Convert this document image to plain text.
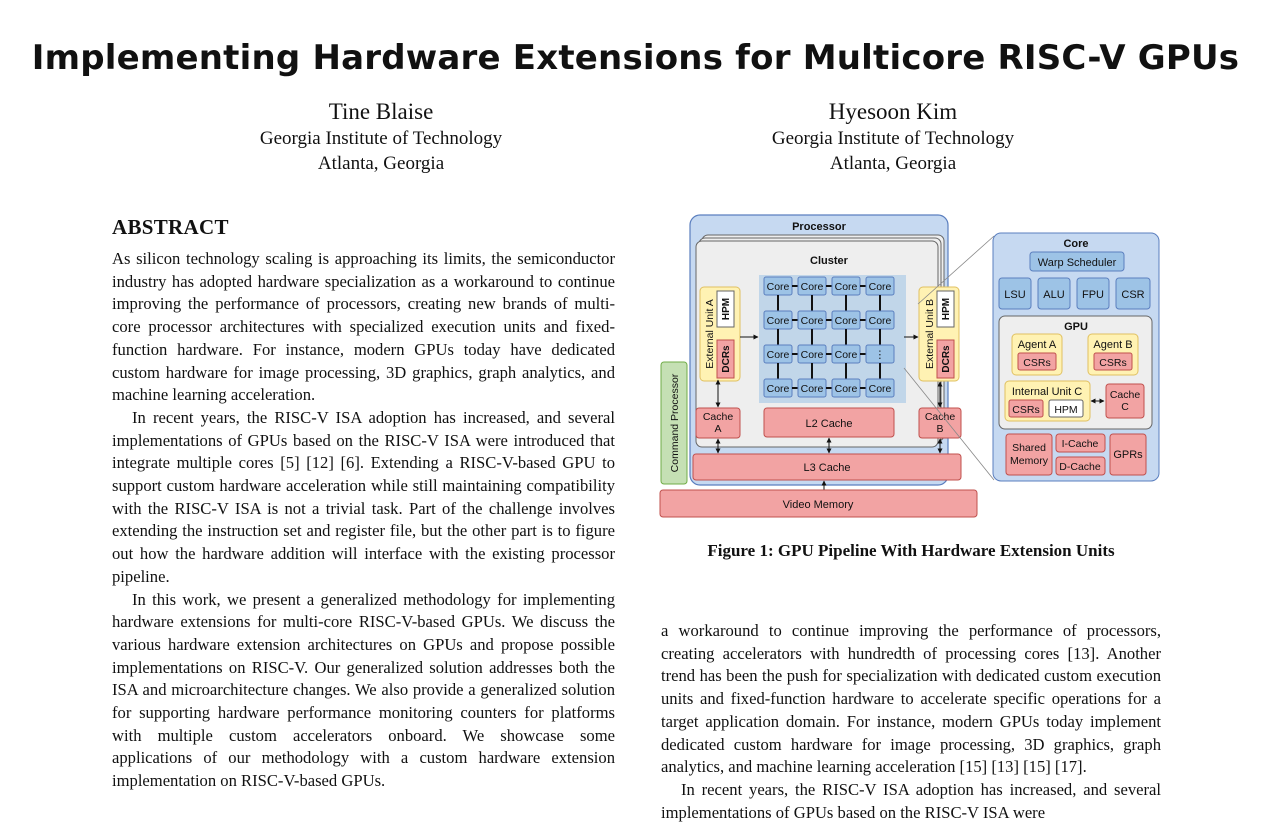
Implementing Hardware Extensions for Multicore RISC-V GPUs
Tine Blaise
Georgia Institute of Technology
Atlanta, Georgia
Hyesoon Kim
Georgia Institute of Technology
Atlanta, Georgia
ABSTRACT

As silicon technology scaling is approaching its limits, the semiconductor industry has adopted hardware specialization as a workaround to continue improving the performance of processors, creating new brands of multi-core processor architectures with specialized execution units and fixed-function hardware. For instance, modern GPUs today have dedicated custom hardware for image processing, 3D graphics, graph analytics, and machine learning acceleration.

In recent years, the RISC-V ISA adoption has increased, and several implementations of GPUs based on the RISC-V ISA were introduced that integrate multiple cores [5] [12] [6]. Extending a RISC-V-based GPU to support custom hardware acceleration while still maintaining compatibility with the RISC-V ISA is not a trivial task. Part of the challenge involves extending the instruction set and register file, but the other part is to figure out how the hardware addition will interface with the existing processor pipeline.

In this work, we present a generalized methodology for implementing hardware extensions for multi-core RISC-V-based GPUs. We discuss the various hardware extension architectures on GPUs and propose possible implementations on RISC-V. Our generalized solution addresses both the ISA and microarchitecture changes. We also provide a generalized solution for supporting hardware performance monitoring counters for platforms with multiple custom accelerators onboard. We showcase some applications of our methodology with a custom hardware extension implementation on RISC-V-based GPUs.

Processor
Cluster
Core Core Core Core
Core Core Core Core
Core Core Core ⋮
Core Core Core Core
External Unit A HPM
DCRs	External Unit B HPM
DCRs
Cache A	L2 Cache
Cache B
L3 Cache
Video Memory
Command Processor
Core
Warp Scheduler
LSU ALU FPU CSR
GPU
Agent A
CSRs
Agent B
CSRs
Internal Unit C
CSRs HPM
Cache C
Shared Memory
I-Cache
D-Cache
GPRs
Figure 1: GPU Pipeline With Hardware Extension Units

a workaround to continue improving the performance of processors, creating accelerators with hundredth of processing cores [13]. Another trend has been the push for specialization with dedicated custom execution units and fixed-function hardware to accelerate specific operations for a target application domain. For instance, modern GPUs today implement dedicated custom hardware for image processing, 3D graphics, graph analytics, and machine learning acceleration [15] [13] [15] [17].

In recent years, the RISC-V ISA adoption has increased, and several implementations of GPUs based on the RISC-V ISA were
